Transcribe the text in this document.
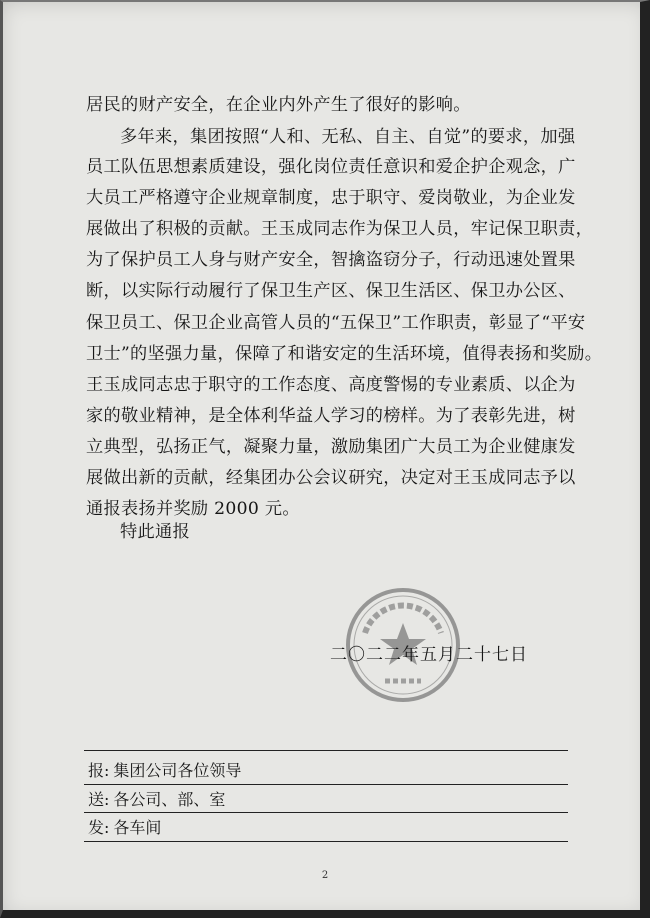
居民的财产安全，在企业内外产生了很好的影响。
多年来，集团按照“人和、无私、自主、自觉”的要求，加强
员工队伍思想素质建设，强化岗位责任意识和爱企护企观念，广
大员工严格遵守企业规章制度，忠于职守、爱岗敬业，为企业发
展做出了积极的贡献。王玉成同志作为保卫人员，牢记保卫职责，
为了保护员工人身与财产安全，智擒盗窃分子，行动迅速处置果
断，以实际行动履行了保卫生产区、保卫生活区、保卫办公区、
保卫员工、保卫企业高管人员的“五保卫”工作职责，彰显了“平安
卫士”的坚强力量，保障了和谐安定的生活环境，值得表扬和奖励。
王玉成同志忠于职守的工作态度、高度警惕的专业素质、以企为
家的敬业精神，是全体利华益人学习的榜样。为了表彰先进，树
立典型，弘扬正气，凝聚力量，激励集团广大员工为企业健康发
展做出新的贡献，经集团办公会议研究，决定对王玉成同志予以
通报表扬并奖励 2000 元。
特此通报
二〇二二年五月二十七日
报: 集团公司各位领导
送: 各公司、部、室
发: 各车间
2
